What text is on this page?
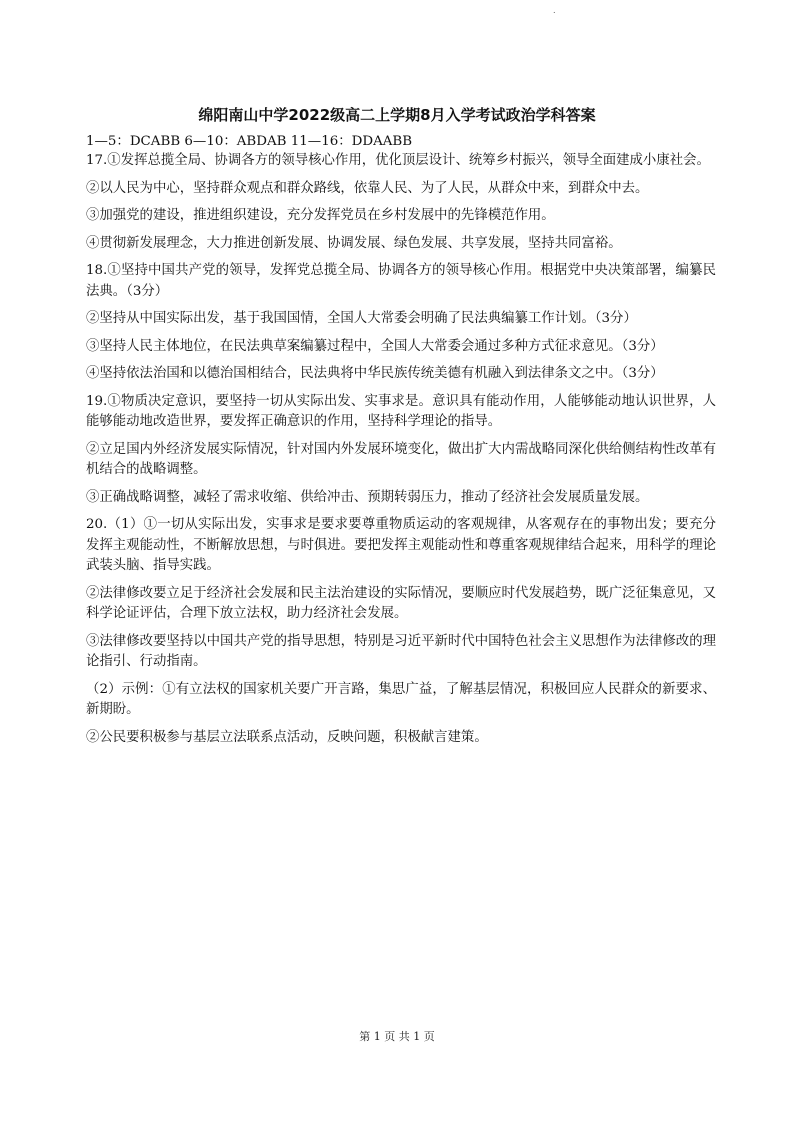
.
绵阳南山中学2022级高二上学期8月入学考试政治学科答案

1—5：DCABB 6—10：ABDAB 11—16：DDAABB

17.①发挥总揽全局、协调各方的领导核心作用，优化顶层设计、统筹乡村振兴，领导全面建成小康社会。

②以人民为中心，坚持群众观点和群众路线，依靠人民、为了人民，从群众中来，到群众中去。

③加强党的建设，推进组织建设，充分发挥党员在乡村发展中的先锋模范作用。

④贯彻新发展理念，大力推进创新发展、协调发展、绿色发展、共享发展，坚持共同富裕。

18.①坚持中国共产党的领导，发挥党总揽全局、协调各方的领导核心作用。根据党中央决策部署，编纂民法典。（3分）

②坚持从中国实际出发，基于我国国情，全国人大常委会明确了民法典编纂工作计划。（3分）

③坚持人民主体地位，在民法典草案编纂过程中，全国人大常委会通过多种方式征求意见。（3分）

④坚持依法治国和以德治国相结合，民法典将中华民族传统美德有机融入到法律条文之中。（3分）

19.①物质决定意识，要坚持一切从实际出发、实事求是。意识具有能动作用，人能够能动地认识世界，人能够能动地改造世界，要发挥正确意识的作用，坚持科学理论的指导。

②立足国内外经济发展实际情况，针对国内外发展环境变化，做出扩大内需战略同深化供给侧结构性改革有机结合的战略调整。

③正确战略调整，减轻了需求收缩、供给冲击、预期转弱压力，推动了经济社会发展质量发展。

20.（1）①一切从实际出发，实事求是要求要尊重物质运动的客观规律，从客观存在的事物出发；要充分发挥主观能动性，不断解放思想，与时俱进。要把发挥主观能动性和尊重客观规律结合起来，用科学的理论武装头脑、指导实践。

②法律修改要立足于经济社会发展和民主法治建设的实际情况，要顺应时代发展趋势，既广泛征集意见，又科学论证评估，合理下放立法权，助力经济社会发展。

③法律修改要坚持以中国共产党的指导思想，特别是习近平新时代中国特色社会主义思想作为法律修改的理论指引、行动指南。

（2）示例：①有立法权的国家机关要广开言路，集思广益，了解基层情况，积极回应人民群众的新要求、新期盼。

②公民要积极参与基层立法联系点活动，反映问题，积极献言建策。

第 1 页 共 1 页
